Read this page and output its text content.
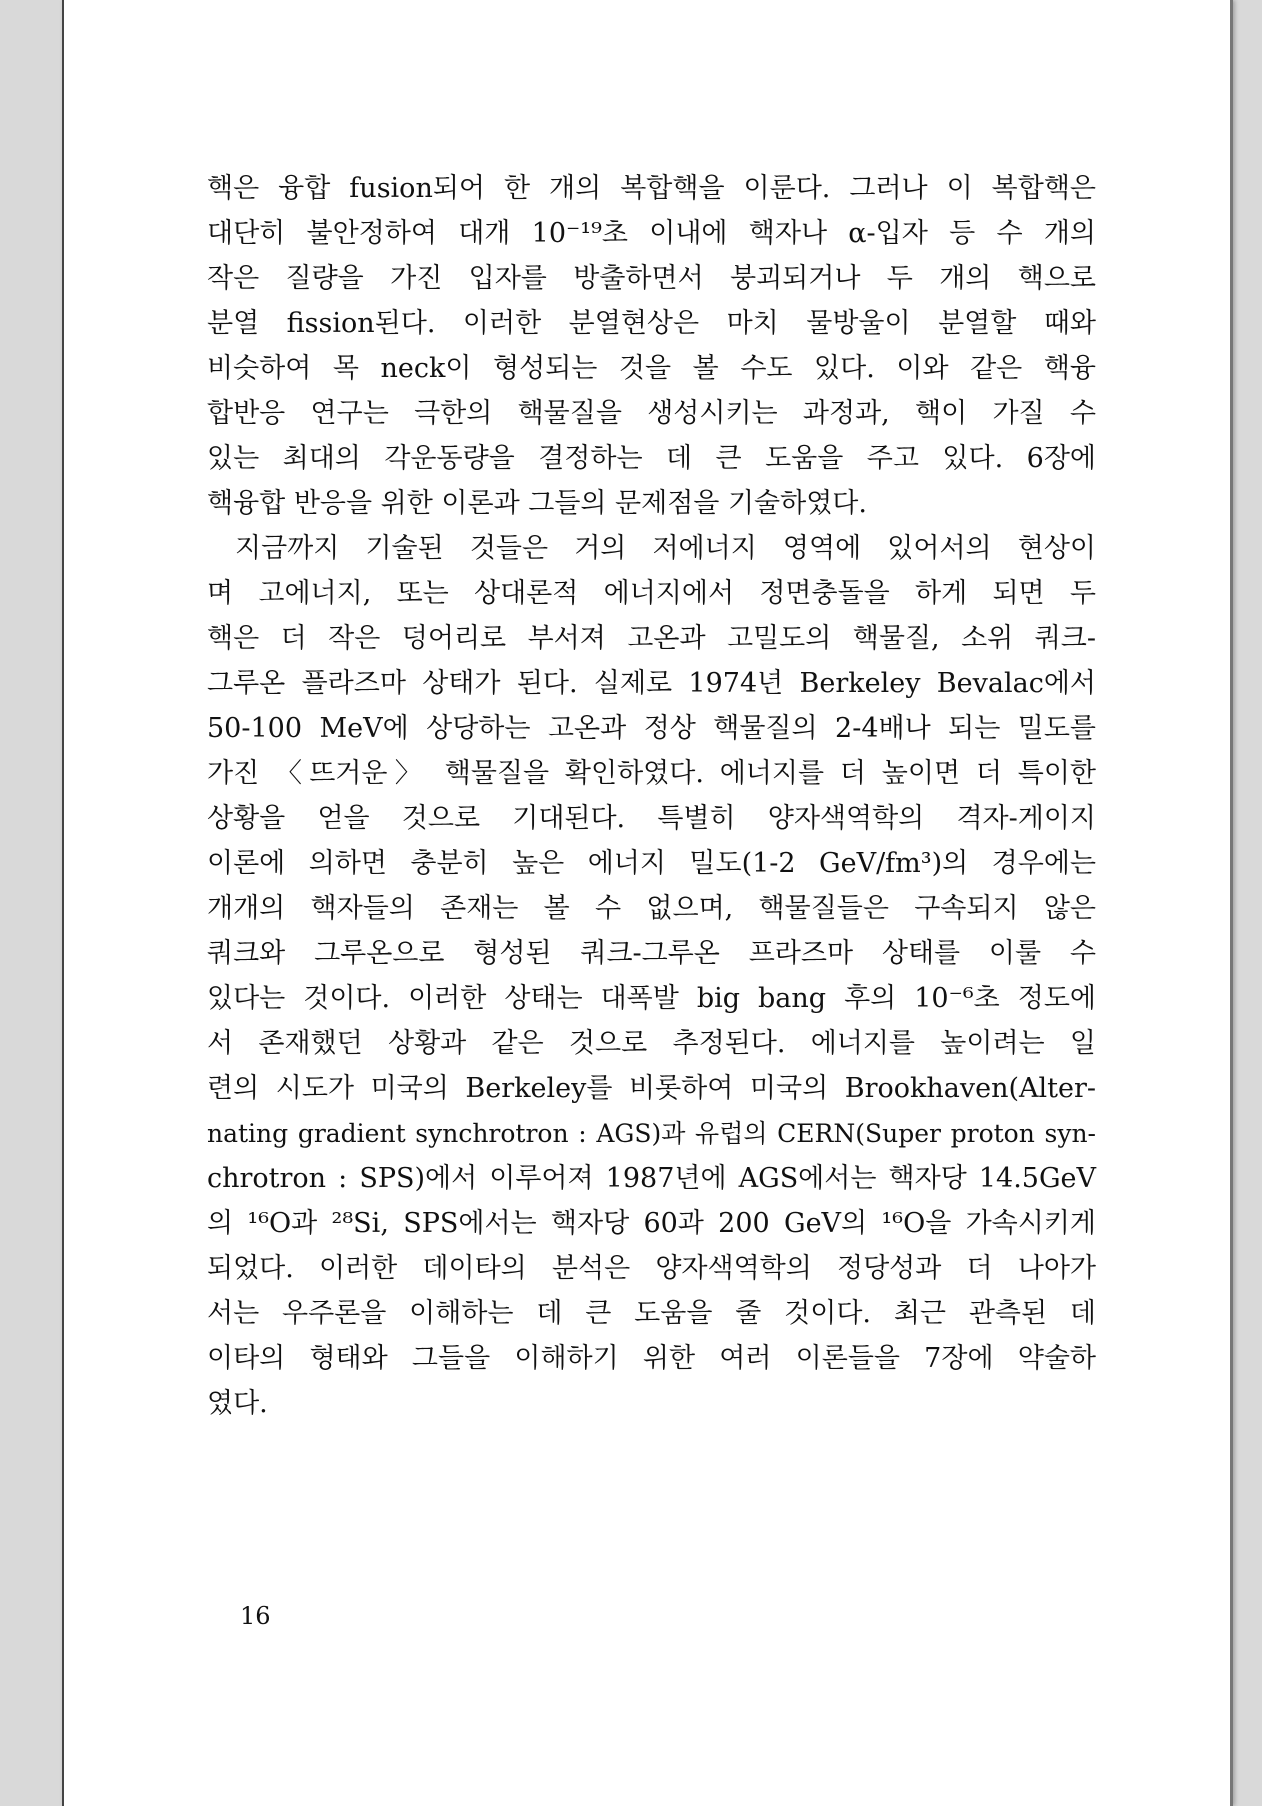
핵은 융합 fusion되어 한 개의 복합핵을 이룬다. 그러나 이 복합핵은
대단히 불안정하여 대개 10⁻¹⁹초 이내에 핵자나 α-입자 등 수 개의
작은 질량을 가진 입자를 방출하면서 붕괴되거나 두 개의 핵으로
분열 fission된다. 이러한 분열현상은 마치 물방울이 분열할 때와
비슷하여 목 neck이 형성되는 것을 볼 수도 있다. 이와 같은 핵융
합반응 연구는 극한의 핵물질을 생성시키는 과정과, 핵이 가질 수
있는 최대의 각운동량을 결정하는 데 큰 도움을 주고 있다. 6장에
핵융합 반응을 위한 이론과 그들의 문제점을 기술하였다.

지금까지 기술된 것들은 거의 저에너지 영역에 있어서의 현상이
며 고에너지, 또는 상대론적 에너지에서 정면충돌을 하게 되면 두
핵은 더 작은 덩어리로 부서져 고온과 고밀도의 핵물질, 소위 쿼크-
그루온 플라즈마 상태가 된다. 실제로 1974년 Berkeley Bevalac에서
50-100 MeV에 상당하는 고온과 정상 핵물질의 2-4배나 되는 밀도를
가진 〈뜨거운〉 핵물질을 확인하였다. 에너지를 더 높이면 더 특이한
상황을 얻을 것으로 기대된다. 특별히 양자색역학의 격자-게이지
이론에 의하면 충분히 높은 에너지 밀도(1-2 GeV/fm³)의 경우에는
개개의 핵자들의 존재는 볼 수 없으며, 핵물질들은 구속되지 않은
쿼크와 그루온으로 형성된 쿼크-그루온 프라즈마 상태를 이룰 수
있다는 것이다. 이러한 상태는 대폭발 big bang 후의 10⁻⁶초 정도에
서 존재했던 상황과 같은 것으로 추정된다. 에너지를 높이려는 일
련의 시도가 미국의 Berkeley를 비롯하여 미국의 Brookhaven(Alter-
nating gradient synchrotron : AGS)과 유럽의 CERN(Super proton syn-
chrotron : SPS)에서 이루어져 1987년에 AGS에서는 핵자당 14.5GeV
의 ¹⁶O과 ²⁸Si, SPS에서는 핵자당 60과 200 GeV의 ¹⁶O을 가속시키게
되었다. 이러한 데이타의 분석은 양자색역학의 정당성과 더 나아가
서는 우주론을 이해하는 데 큰 도움을 줄 것이다. 최근 관측된 데
이타의 형태와 그들을 이해하기 위한 여러 이론들을 7장에 약술하
였다.

16
